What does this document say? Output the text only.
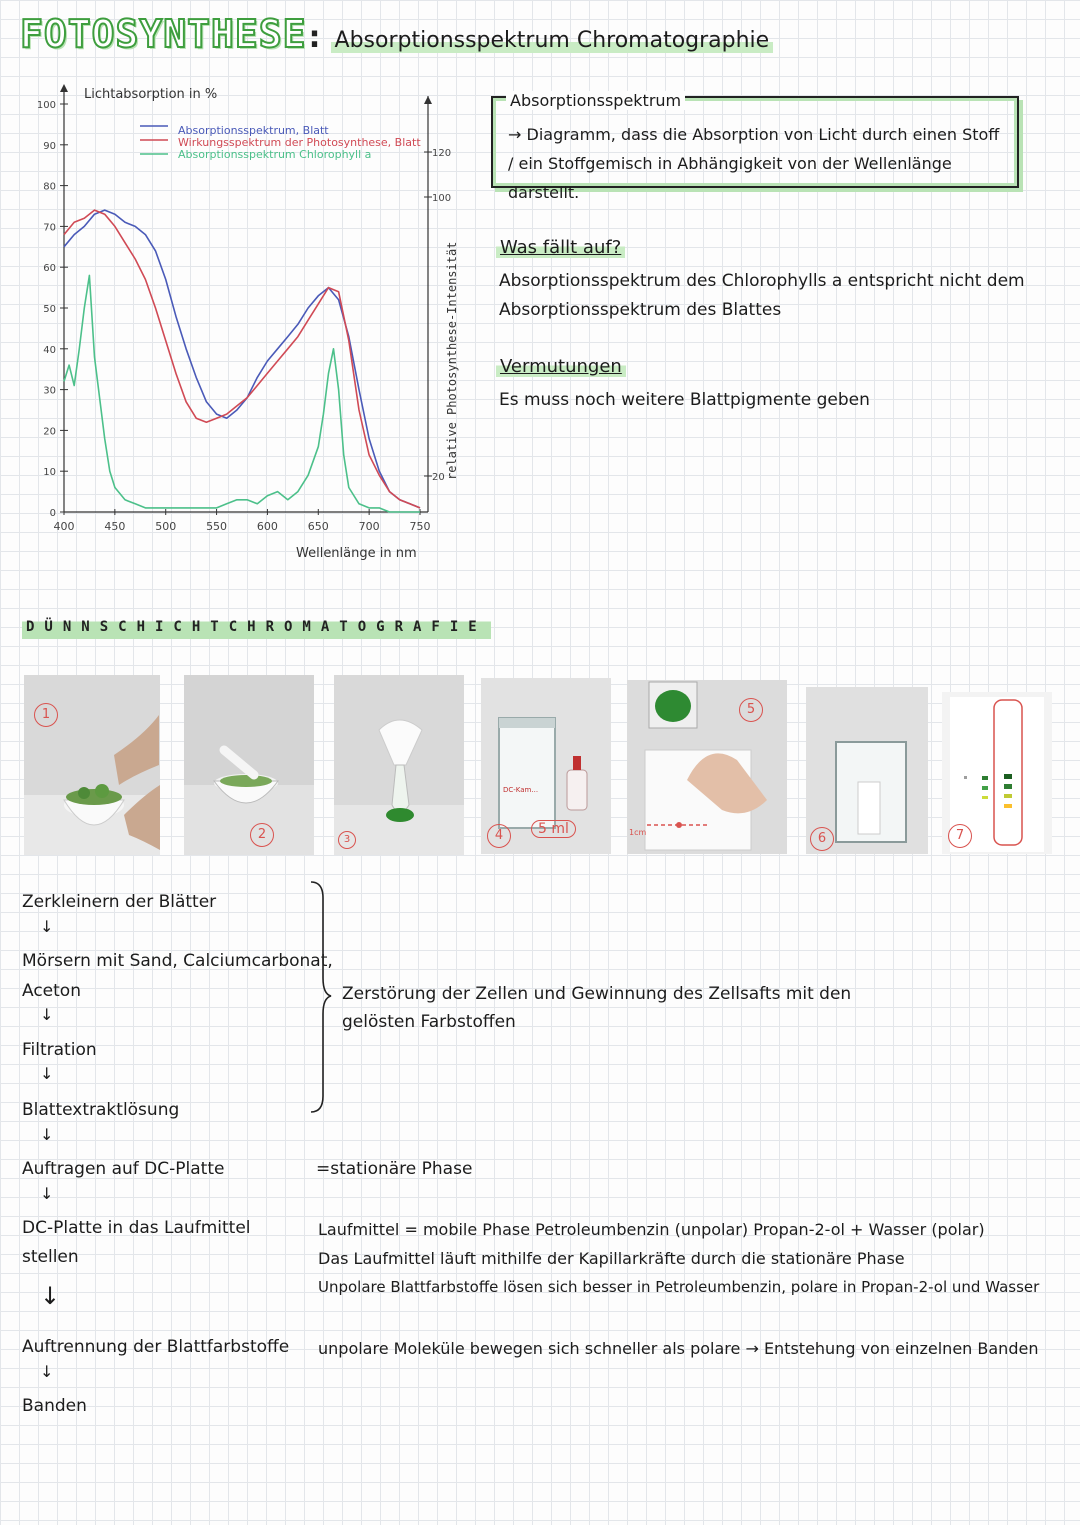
FOTOSYNTHESE: Absorptionsspektrum Chromatographie
100
90
80
70
60
50
40
30
20
10
0
400	450	500	550	600	650	700	750
120
100
20
Lichtabsorption in %
Wellenlänge in nm
relative Photosynthese-Intensität
Absorptionsspektrum, Blatt
Wirkungsspektrum der Photosynthese, Blatt
Absorptionsspektrum Chlorophyll a
Absorptionsspektrum
→ Diagramm, dass die Absorption von Licht durch einen Stoff / ein Stoffgemisch in Abhängigkeit von der Wellenlänge darstellt.
Was fällt auf?
Absorptionsspektrum des Chlorophylls a entspricht nicht dem
Absorptionsspektrum des Blattes
Vermutungen
Es muss noch weitere Blattpigmente geben
DÜNNSCHICHTCHROMATOGRAFIE
1
2	3
DC-Kam...
4	5 ml	1cm
5
6	7
Zerkleinern der Blätter
↓
Mörsern mit Sand, Calciumcarbonat,
Aceton
↓
Filtration
↓
Blattextraktlösung
↓
Auftragen auf DC-Platte
↓
DC-Platte in das Laufmittel
stellen
↓
Auftrennung der Blattfarbstoffe
↓
Banden
Zerstörung der Zellen und Gewinnung des Zellsafts mit den
gelösten Farbstoffen
=stationäre Phase
Laufmittel = mobile Phase Petroleumbenzin (unpolar) Propan-2-ol + Wasser (polar)
Das Laufmittel läuft mithilfe der Kapillarkräfte durch die stationäre Phase
Unpolare Blattfarbstoffe lösen sich besser in Petroleumbenzin, polare in Propan-2-ol und Wasser
unpolare Moleküle bewegen sich schneller als polare → Entstehung von einzelnen Banden
